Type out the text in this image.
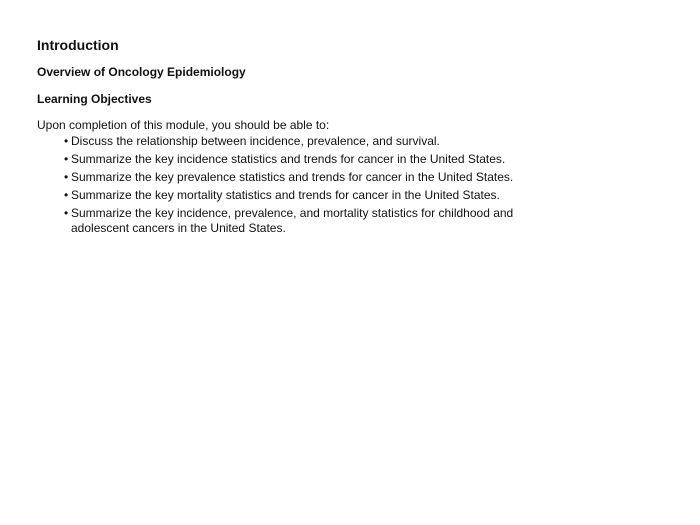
Introduction
Overview of Oncology Epidemiology
Learning Objectives

Upon completion of this module, you should be able to:

• Discuss the relationship between incidence, prevalence, and survival.
• Summarize the key incidence statistics and trends for cancer in the United States.
• Summarize the key prevalence statistics and trends for cancer in the United States.
• Summarize the key mortality statistics and trends for cancer in the United States.
• Summarize the key incidence, prevalence, and mortality statistics for childhood and adolescent cancers in the United States.
